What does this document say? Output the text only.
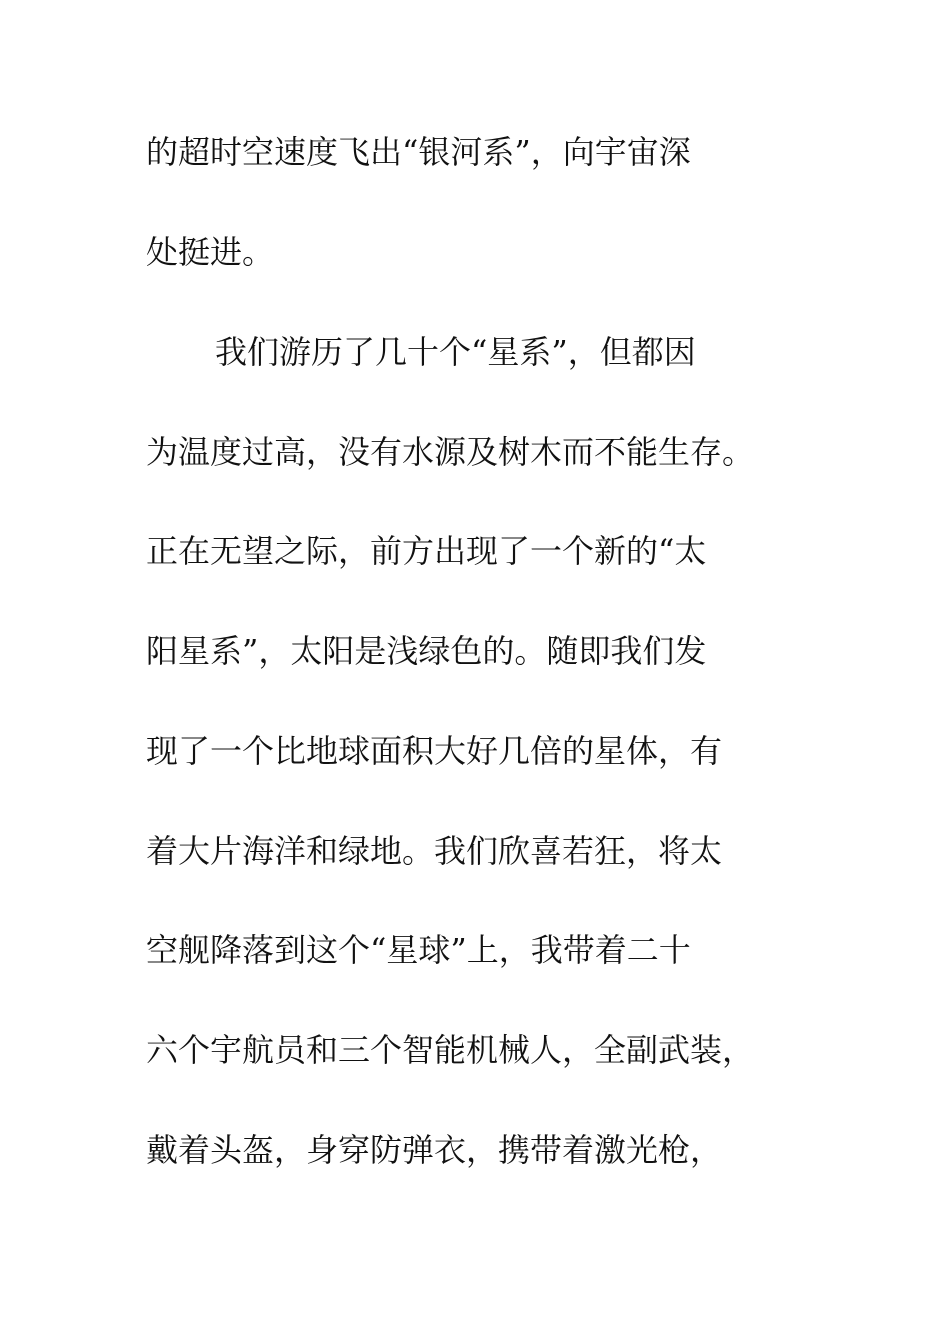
的超时空速度飞出“银河系”，向宇宙深
处挺进。
我们游历了几十个“星系”，但都因
为温度过高，没有水源及树木而不能生存。
正在无望之际，前方出现了一个新的“太
阳星系”，太阳是浅绿色的。随即我们发
现了一个比地球面积大好几倍的星体，有
着大片海洋和绿地。我们欣喜若狂，将太
空舰降落到这个“星球”上，我带着二十
六个宇航员和三个智能机械人，全副武装，
戴着头盔，身穿防弹衣，携带着激光枪，
